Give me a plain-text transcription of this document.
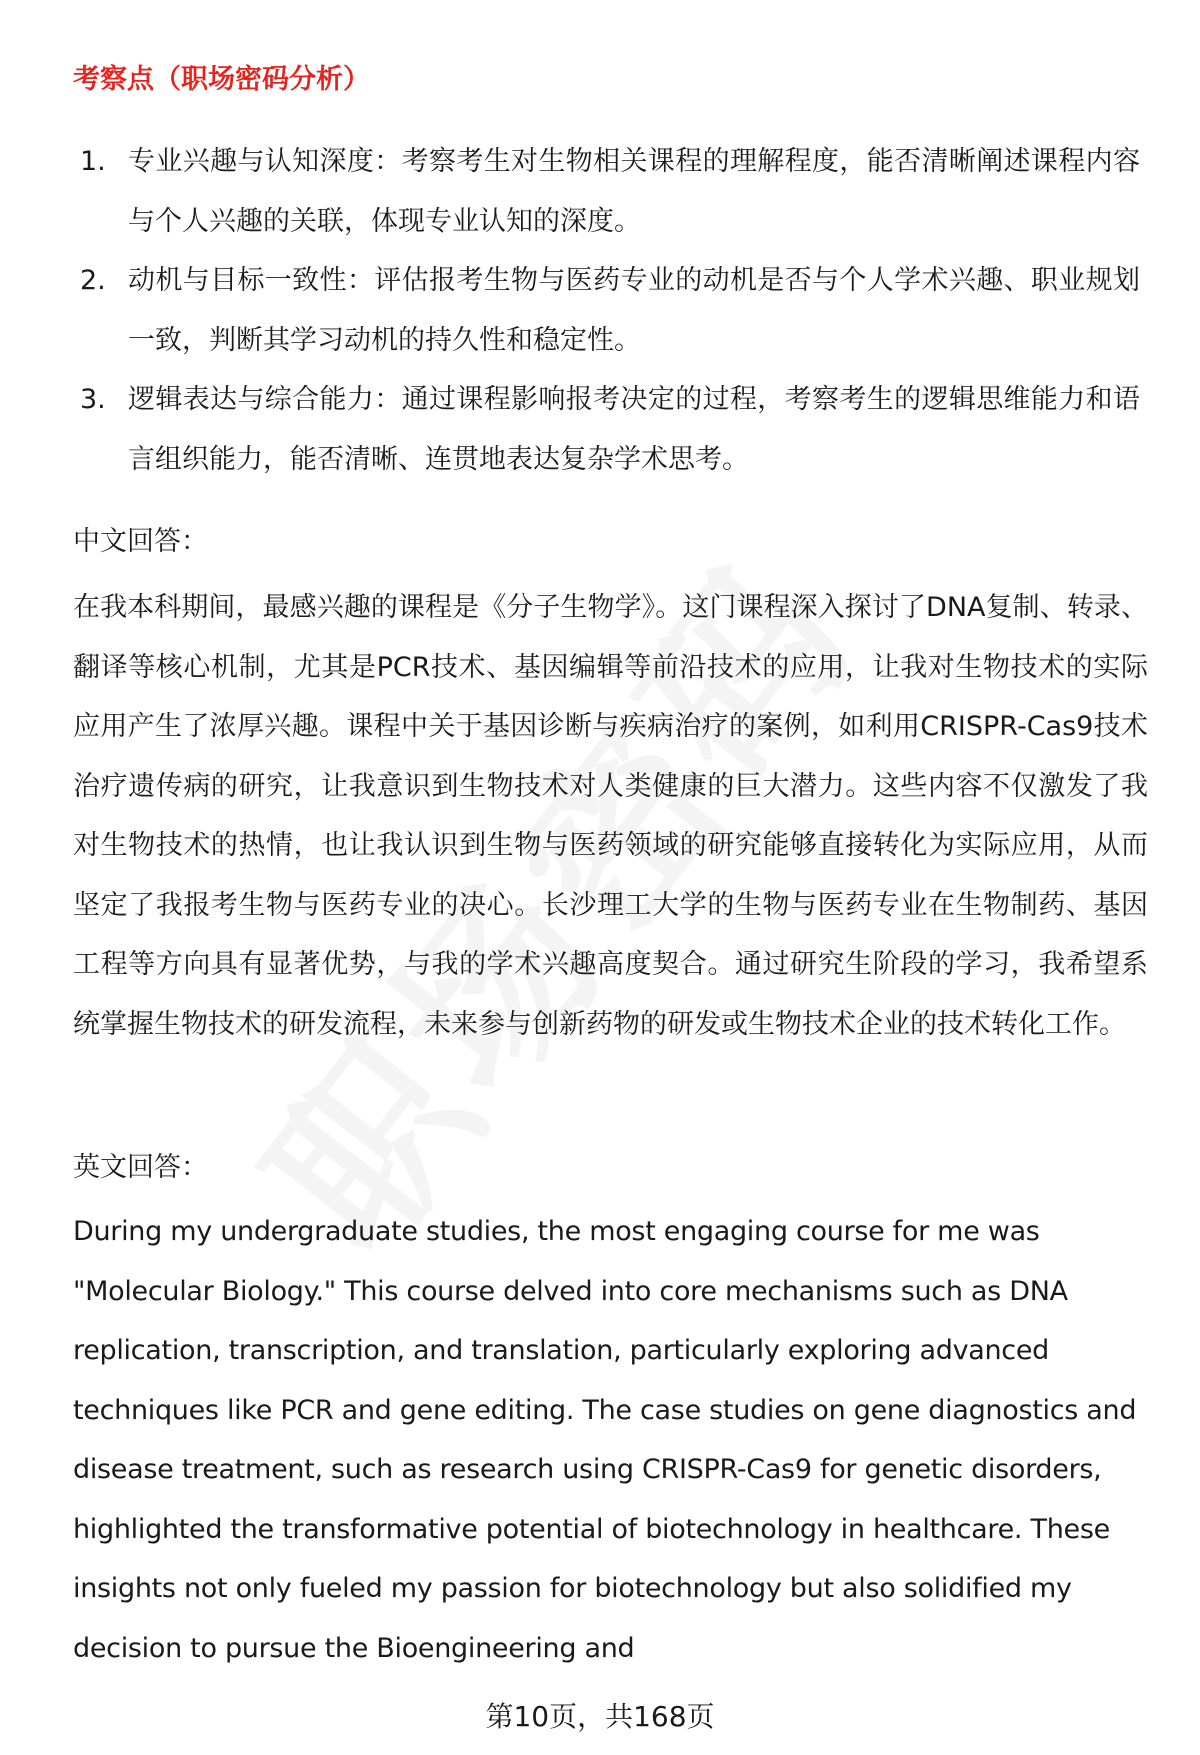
考察点（职场密码分析）
1. 专业兴趣与认知深度：考察考生对生物相关课程的理解程度，能否清晰阐述课程内容与个人兴趣的关联，体现专业认知的深度。
2. 动机与目标一致性：评估报考生物与医药专业的动机是否与个人学术兴趣、职业规划一致，判断其学习动机的持久性和稳定性。
3. 逻辑表达与综合能力：通过课程影响报考决定的过程，考察考生的逻辑思维能力和语言组织能力，能否清晰、连贯地表达复杂学术思考。
中文回答：

在我本科期间，最感兴趣的课程是《分子生物学》。这门课程深入探讨了DNA复制、转录、翻译等核心机制，尤其是PCR技术、基因编辑等前沿技术的应用，让我对生物技术的实际应用产生了浓厚兴趣。课程中关于基因诊断与疾病治疗的案例，如利用CRISPR-Cas9技术治疗遗传病的研究，让我意识到生物技术对人类健康的巨大潜力。这些内容不仅激发了我对生物技术的热情，也让我认识到生物与医药领域的研究能够直接转化为实际应用，从而坚定了我报考生物与医药专业的决心。长沙理工大学的生物与医药专业在生物制药、基因工程等方向具有显著优势，与我的学术兴趣高度契合。通过研究生阶段的学习，我希望系统掌握生物技术的研发流程，未来参与创新药物的研发或生物技术企业的技术转化工作。

英文回答：

During my undergraduate studies, the most engaging course for me was "Molecular Biology." This course delved into core mechanisms such as DNA replication, transcription, and translation, particularly exploring advanced techniques like PCR and gene editing. The case studies on gene diagnostics and disease treatment, such as research using CRISPR-Cas9 for genetic disorders, highlighted the transformative potential of biotechnology in healthcare. These insights not only fueled my passion for biotechnology but also solidified my decision to pursue the Bioengineering and

第10页，共168页
